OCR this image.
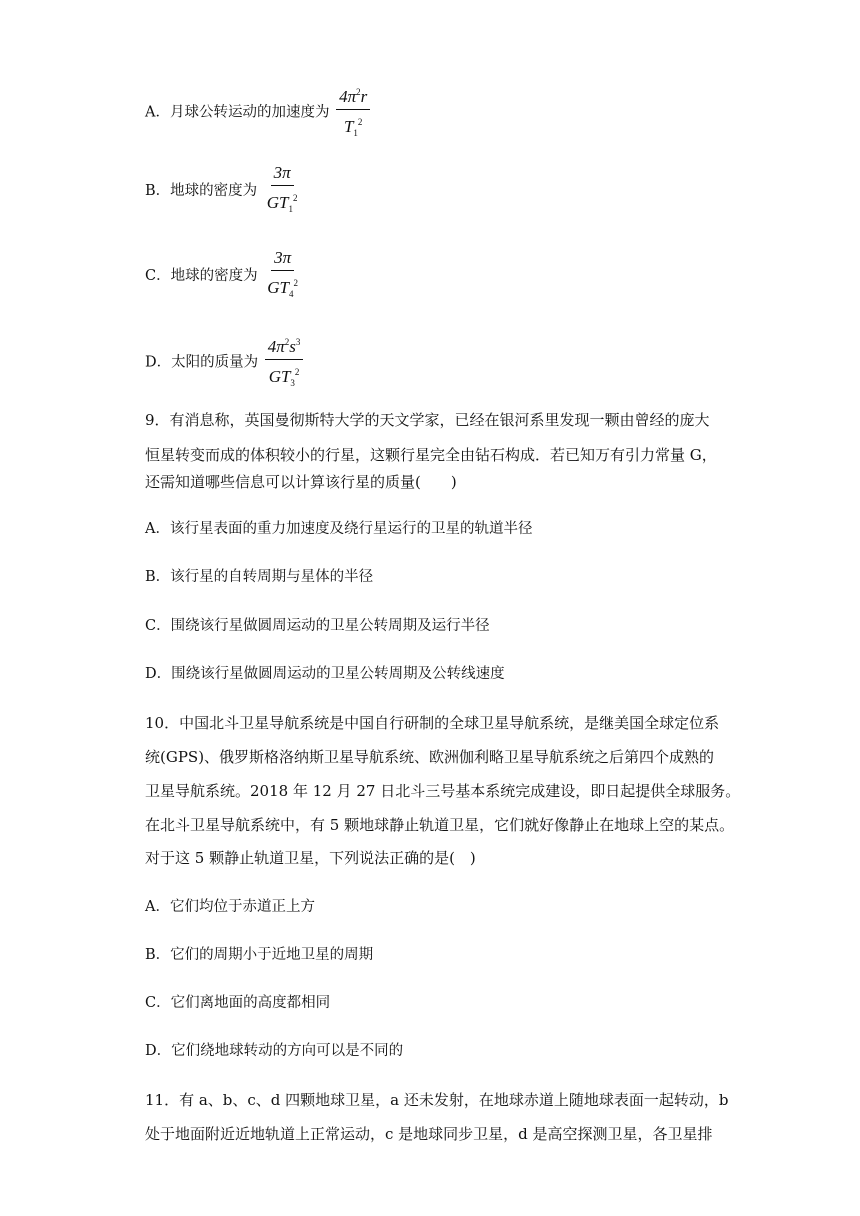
A．月球公转运动的加速度为 $\frac{4\pi^2r}{T_1^2}$
B．地球的密度为 $\frac{3\pi}{GT_1^2}$
C．地球的密度为 $\frac{3\pi}{GT_4^2}$
D．太阳的质量为 $\frac{4\pi^2s^3}{GT_3^2}$
9．有消息称，英国曼彻斯特大学的天文学家，已经在银河系里发现一颗由曾经的庞大
恒星转变而成的体积较小的行星，这颗行星完全由钻石构成．若已知万有引力常量 G，
还需知道哪些信息可以计算该行星的质量(　　)
A．该行星表面的重力加速度及绕行星运行的卫星的轨道半径
B．该行星的自转周期与星体的半径
C．围绕该行星做圆周运动的卫星公转周期及运行半径
D．围绕该行星做圆周运动的卫星公转周期及公转线速度
10．中国北斗卫星导航系统是中国自行研制的全球卫星导航系统，是继美国全球定位系
统(GPS)、俄罗斯格洛纳斯卫星导航系统、欧洲伽利略卫星导航系统之后第四个成熟的
卫星导航系统。2018 年 12 月 27 日北斗三号基本系统完成建设，即日起提供全球服务。
在北斗卫星导航系统中，有 5 颗地球静止轨道卫星，它们就好像静止在地球上空的某点。
对于这 5 颗静止轨道卫星，下列说法正确的是(　)
A．它们均位于赤道正上方
B．它们的周期小于近地卫星的周期
C．它们离地面的高度都相同
D．它们绕地球转动的方向可以是不同的
11．有 a、b、c、d 四颗地球卫星，a 还未发射，在地球赤道上随地球表面一起转动，b
处于地面附近近地轨道上正常运动，c 是地球同步卫星，d 是高空探测卫星，各卫星排
